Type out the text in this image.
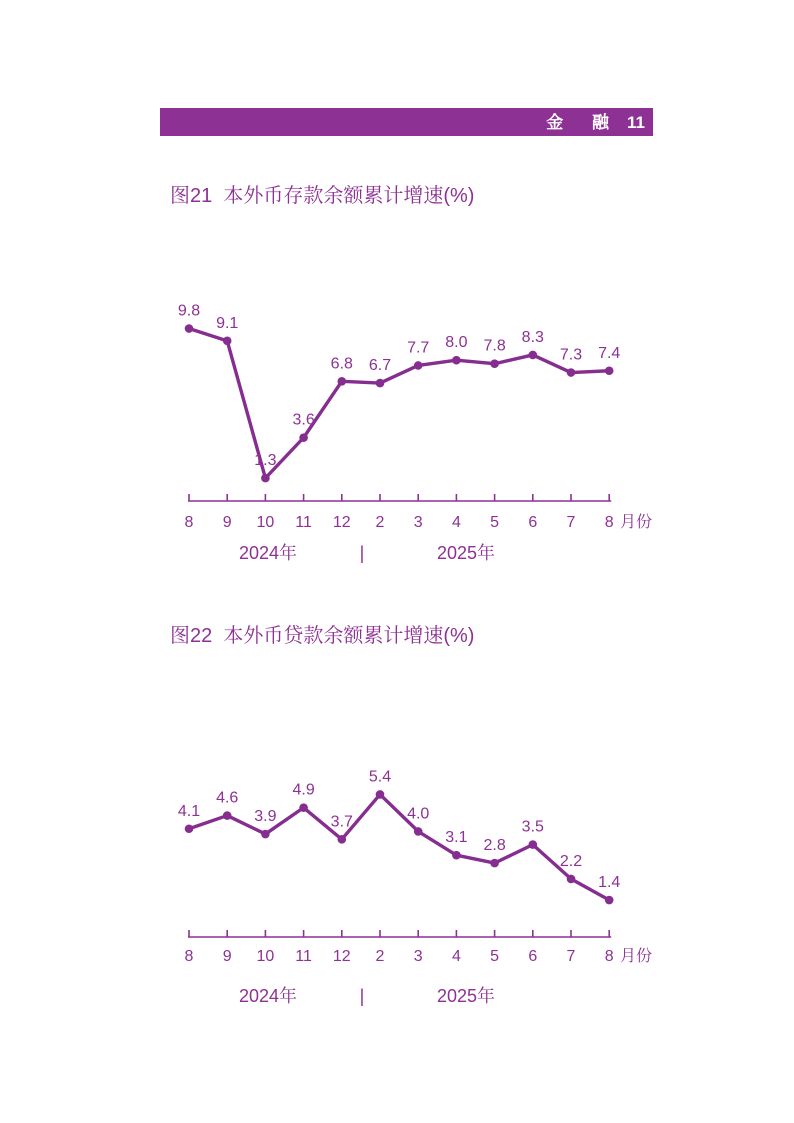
金 融 11
图21  本外币存款余额累计增速(%)
8 9 10 11 12 2 3 4 5 6 7 8 月份
2024年	|	2025年
9.8
9.1
1.3
3.6
6.8 6.7
7.7 8.0 7.8
8.3
7.3 7.4
图22  本外币贷款余额累计增速(%)
8 9 10 11 12 2 3 4 5 6 7 8 月份
2024年	|	2025年
4.1
4.6
3.9
4.9
3.7
5.4
4.0
3.1 2.8
3.5
2.2
1.4
